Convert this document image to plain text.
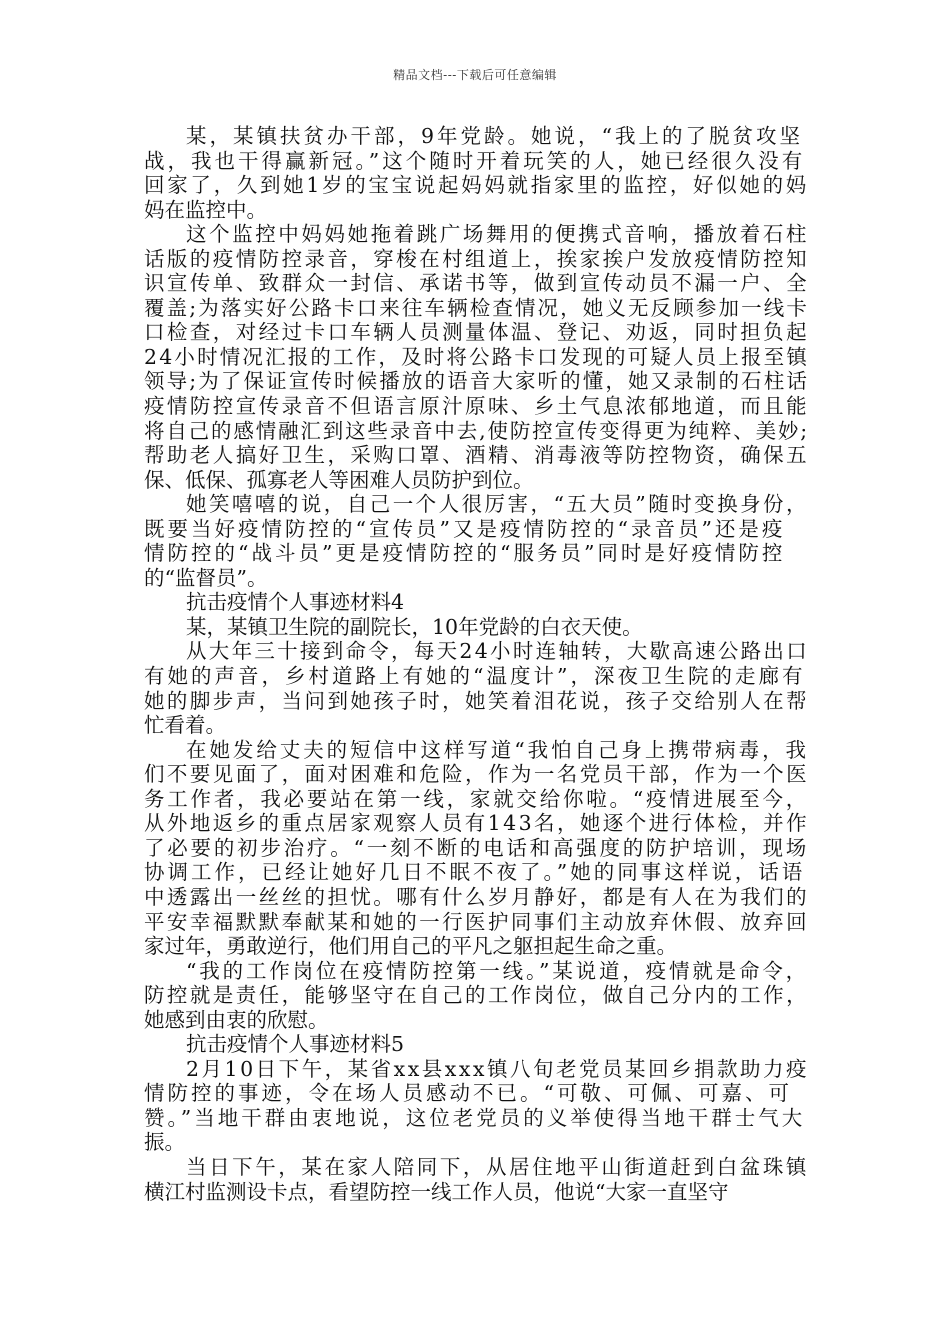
精品文档---下载后可任意编辑
某，某镇扶贫办干部，9年党龄。她说，“我上的了脱贫攻坚
战，我也干得赢新冠。”这个随时开着玩笑的人，她已经很久没有
回家了，久到她1岁的宝宝说起妈妈就指家里的监控，好似她的妈
妈在监控中。
这个监控中妈妈她拖着跳广场舞用的便携式音响，播放着石柱
话版的疫情防控录音，穿梭在村组道上，挨家挨户发放疫情防控知
识宣传单、致群众一封信、承诺书等，做到宣传动员不漏一户、全
覆盖;为落实好公路卡口来往车辆检查情况，她义无反顾参加一线卡
口检查，对经过卡口车辆人员测量体温、登记、劝返，同时担负起
24小时情况汇报的工作，及时将公路卡口发现的可疑人员上报至镇
领导;为了保证宣传时候播放的语音大家听的懂，她又录制的石柱话
疫情防控宣传录音不但语言原汁原味、乡土气息浓郁地道，而且能
将自己的感情融汇到这些录音中去,使防控宣传变得更为纯粹、美妙;
帮助老人搞好卫生，采购口罩、酒精、消毒液等防控物资，确保五
保、低保、孤寡老人等困难人员防护到位。
她笑嘻嘻的说，自己一个人很厉害，“五大员”随时变换身份，
既要当好疫情防控的“宣传员”又是疫情防控的“录音员”还是疫
情防控的“战斗员”更是疫情防控的“服务员”同时是好疫情防控
的“监督员”。
抗击疫情个人事迹材料4
某，某镇卫生院的副院长，10年党龄的白衣天使。
从大年三十接到命令，每天24小时连轴转，大歇高速公路出口
有她的声音，乡村道路上有她的“温度计”，深夜卫生院的走廊有
她的脚步声，当问到她孩子时，她笑着泪花说，孩子交给别人在帮
忙看着。
在她发给丈夫的短信中这样写道“我怕自己身上携带病毒，我
们不要见面了，面对困难和危险，作为一名党员干部，作为一个医
务工作者，我必要站在第一线，家就交给你啦。“疫情进展至今，
从外地返乡的重点居家观察人员有143名，她逐个进行体检，并作
了必要的初步治疗。“一刻不断的电话和高强度的防护培训，现场
协调工作，已经让她好几日不眠不夜了。”她的同事这样说，话语
中透露出一丝丝的担忧。哪有什么岁月静好，都是有人在为我们的
平安幸福默默奉献某和她的一行医护同事们主动放弃休假、放弃回
家过年，勇敢逆行，他们用自己的平凡之躯担起生命之重。
“我的工作岗位在疫情防控第一线。”某说道，疫情就是命令，
防控就是责任，能够坚守在自己的工作岗位，做自己分内的工作，
她感到由衷的欣慰。
抗击疫情个人事迹材料5
2月10日下午，某省xx县xxx镇八旬老党员某回乡捐款助力疫
情防控的事迹，令在场人员感动不已。“可敬、可佩、可嘉、可
赞。”当地干群由衷地说，这位老党员的义举使得当地干群士气大
振。
当日下午，某在家人陪同下，从居住地平山街道赶到白盆珠镇
横江村监测设卡点，看望防控一线工作人员，他说“大家一直坚守
